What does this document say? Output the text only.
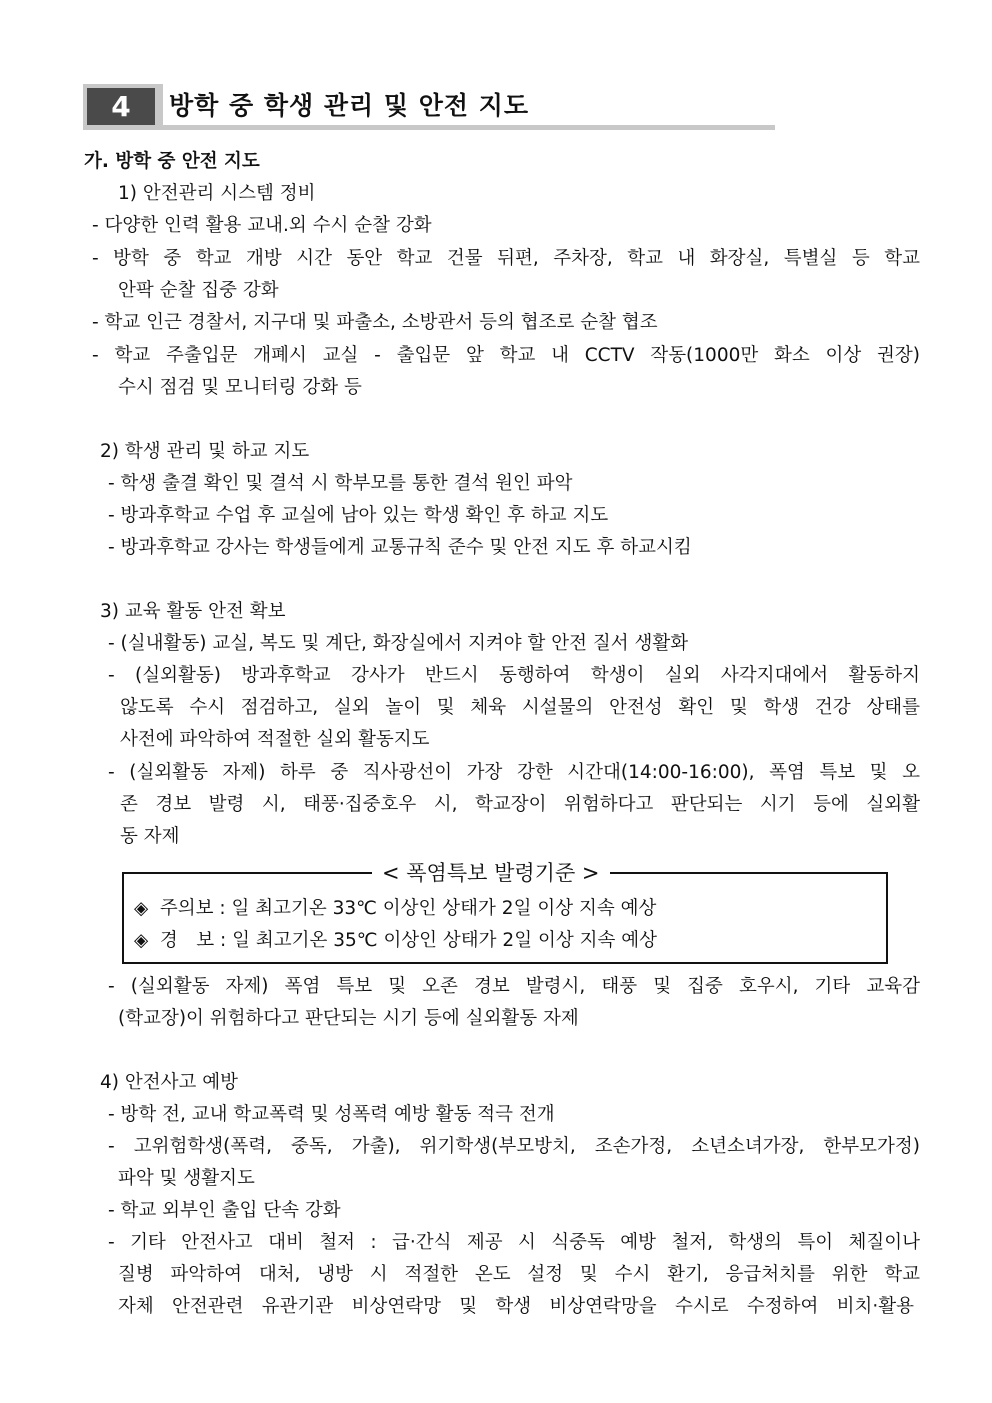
4	방학 중 학생 관리 및 안전 지도
가. 방학 중 안전 지도
1) 안전관리 시스템 정비
- 다양한 인력 활용 교내.외 수시 순찰 강화
- 방학 중 학교 개방 시간 동안 학교 건물 뒤편, 주차장, 학교 내 화장실, 특별실 등 학교
안팍 순찰 집중 강화
- 학교 인근 경찰서, 지구대 및 파출소, 소방관서 등의 협조로 순찰 협조
- 학교 주출입문 개폐시 교실 - 출입문 앞 학교 내 CCTV 작동(1000만 화소 이상 권장)
수시 점검 및 모니터링 강화 등
2) 학생 관리 및 하교 지도
- 학생 출결 확인 및 결석 시 학부모를 통한 결석 원인 파악
- 방과후학교 수업 후 교실에 남아 있는 학생 확인 후 하교 지도
- 방과후학교 강사는 학생들에게 교통규칙 준수 및 안전 지도 후 하교시킴
3) 교육 활동 안전 확보
- (실내활동) 교실, 복도 및 계단, 화장실에서 지켜야 할 안전 질서 생활화
- (실외활동) 방과후학교 강사가 반드시 동행하여 학생이 실외 사각지대에서 활동하지
않도록 수시 점검하고, 실외 놀이 및 체육 시설물의 안전성 확인 및 학생 건강 상태를
사전에 파악하여 적절한 실외 활동지도
- (실외활동 자제) 하루 중 직사광선이 가장 강한 시간대(14:00-16:00), 폭염 특보 및 오
존 경보 발령 시, 태풍·집중호우 시, 학교장이 위험하다고 판단되는 시기 등에 실외활
동 자제
< 폭염특보 발령기준 >
◈ 주의보 : 일 최고기온 33℃ 이상인 상태가 2일 이상 지속 예상
◈ 경　보 : 일 최고기온 35℃ 이상인 상태가 2일 이상 지속 예상
- (실외활동 자제) 폭염 특보 및 오존 경보 발령시, 태풍 및 집중 호우시, 기타 교육감
(학교장)이 위험하다고 판단되는 시기 등에 실외활동 자제
4) 안전사고 예방
- 방학 전, 교내 학교폭력 및 성폭력 예방 활동 적극 전개
- 고위험학생(폭력, 중독, 가출), 위기학생(부모방치, 조손가정, 소년소녀가장, 한부모가정)
파악 및 생활지도
- 학교 외부인 출입 단속 강화
- 기타 안전사고 대비 철저 : 급·간식 제공 시 식중독 예방 철저, 학생의 특이 체질이나
질병 파악하여 대처, 냉방 시 적절한 온도 설정 및 수시 환기, 응급처치를 위한 학교
자체 안전관련 유관기관 비상연락망 및 학생 비상연락망을 수시로 수정하여 비치·활용
